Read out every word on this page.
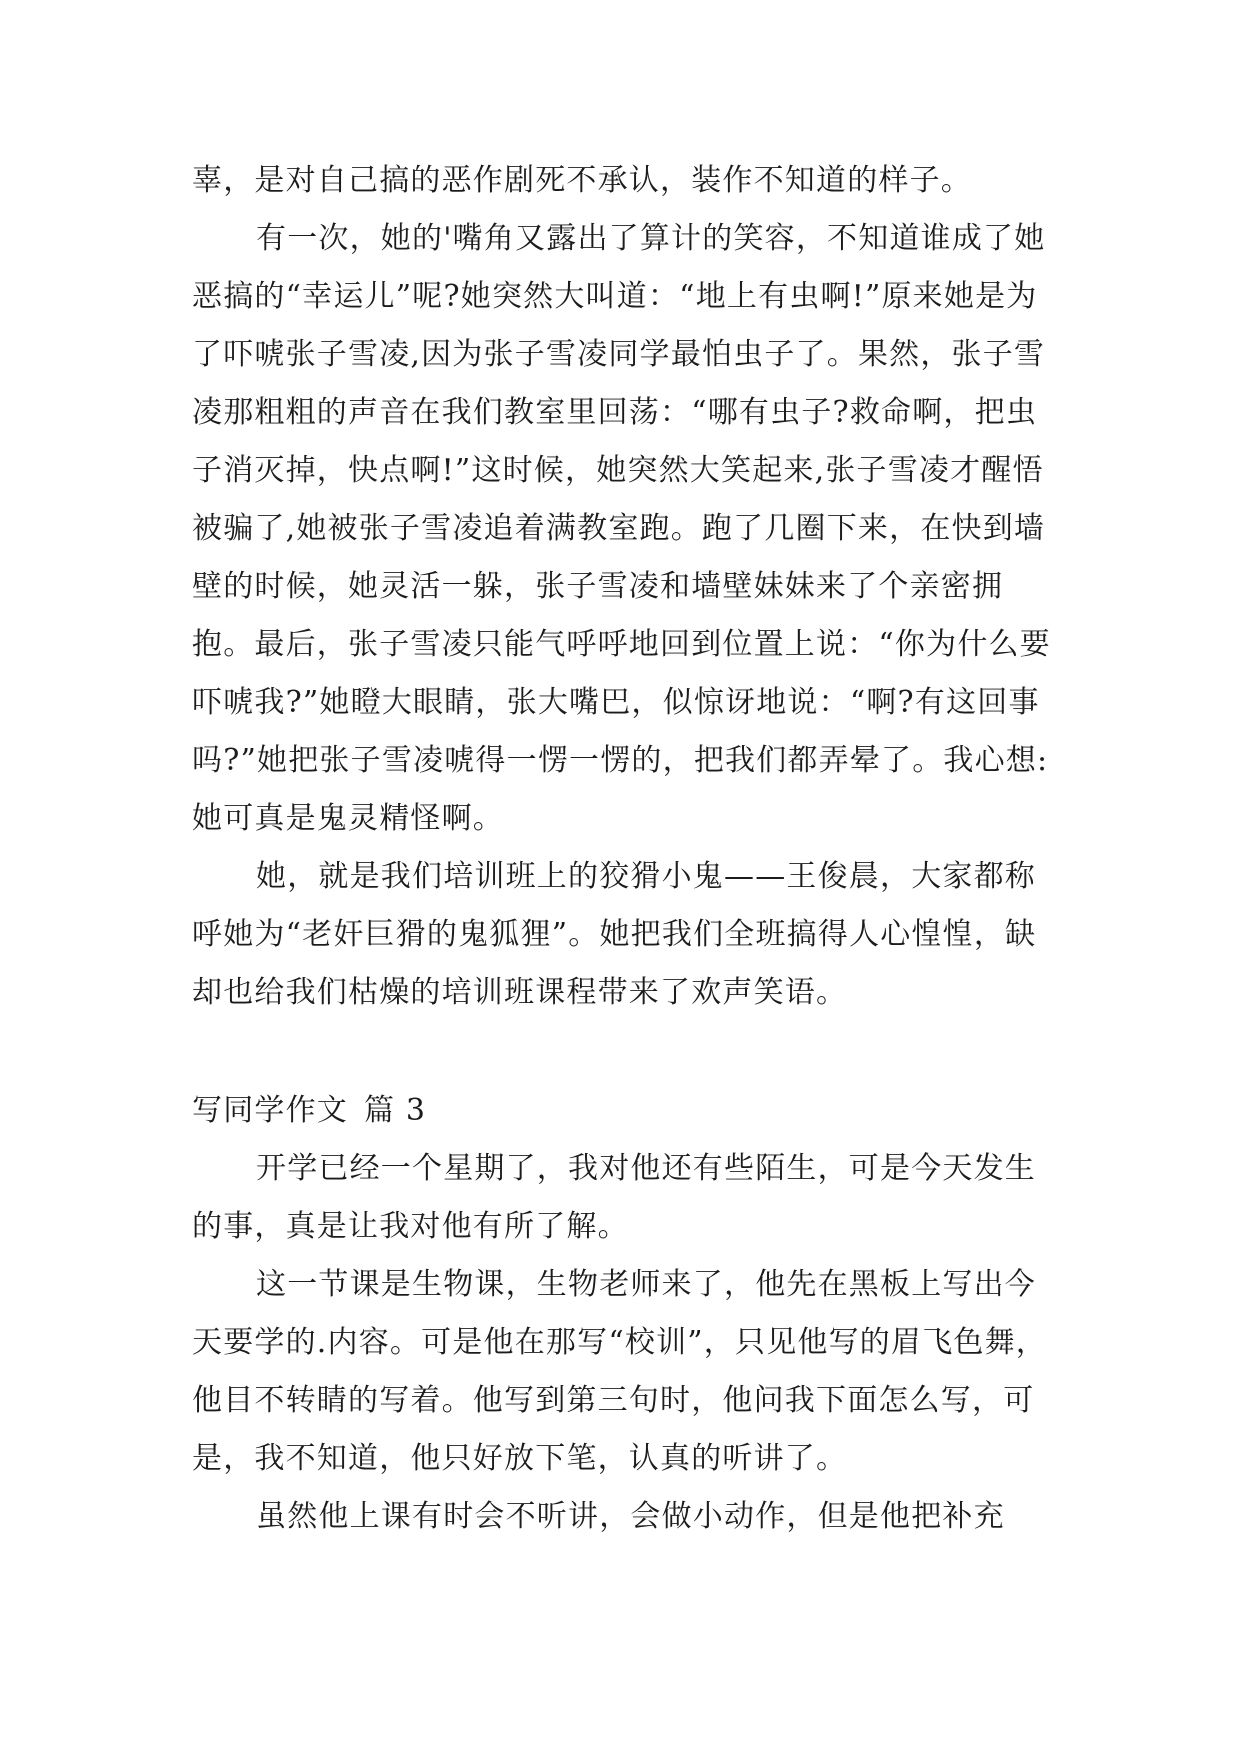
辜，是对自己搞的恶作剧死不承认，装作不知道的样子。

有一次，她的'嘴角又露出了算计的笑容，不知道谁成了她恶搞的“幸运儿”呢?她突然大叫道：“地上有虫啊!”原来她是为了吓唬张子雪凌,因为张子雪凌同学最怕虫子了。果然，张子雪凌那粗粗的声音在我们教室里回荡：“哪有虫子?救命啊，把虫子消灭掉，快点啊!”这时候，她突然大笑起来,张子雪凌才醒悟被骗了,她被张子雪凌追着满教室跑。跑了几圈下来，在快到墙壁的时候，她灵活一躲，张子雪凌和墙壁妹妹来了个亲密拥抱。最后，张子雪凌只能气呼呼地回到位置上说：“你为什么要吓唬我?”她瞪大眼睛，张大嘴巴，似惊讶地说：“啊?有这回事吗?”她把张子雪凌唬得一愣一愣的，把我们都弄晕了。我心想:她可真是鬼灵精怪啊。

她，就是我们培训班上的狡猾小鬼——王俊晨，大家都称呼她为“老奸巨猾的鬼狐狸”。她把我们全班搞得人心惶惶，缺却也给我们枯燥的培训班课程带来了欢声笑语。

写同学作文 篇 3

开学已经一个星期了，我对他还有些陌生，可是今天发生的事，真是让我对他有所了解。

这一节课是生物课，生物老师来了，他先在黑板上写出今天要学的.内容。可是他在那写“校训”，只见他写的眉飞色舞，他目不转睛的写着。他写到第三句时，他问我下面怎么写，可是，我不知道，他只好放下笔，认真的听讲了。

虽然他上课有时会不听讲，会做小动作，但是他把补充
